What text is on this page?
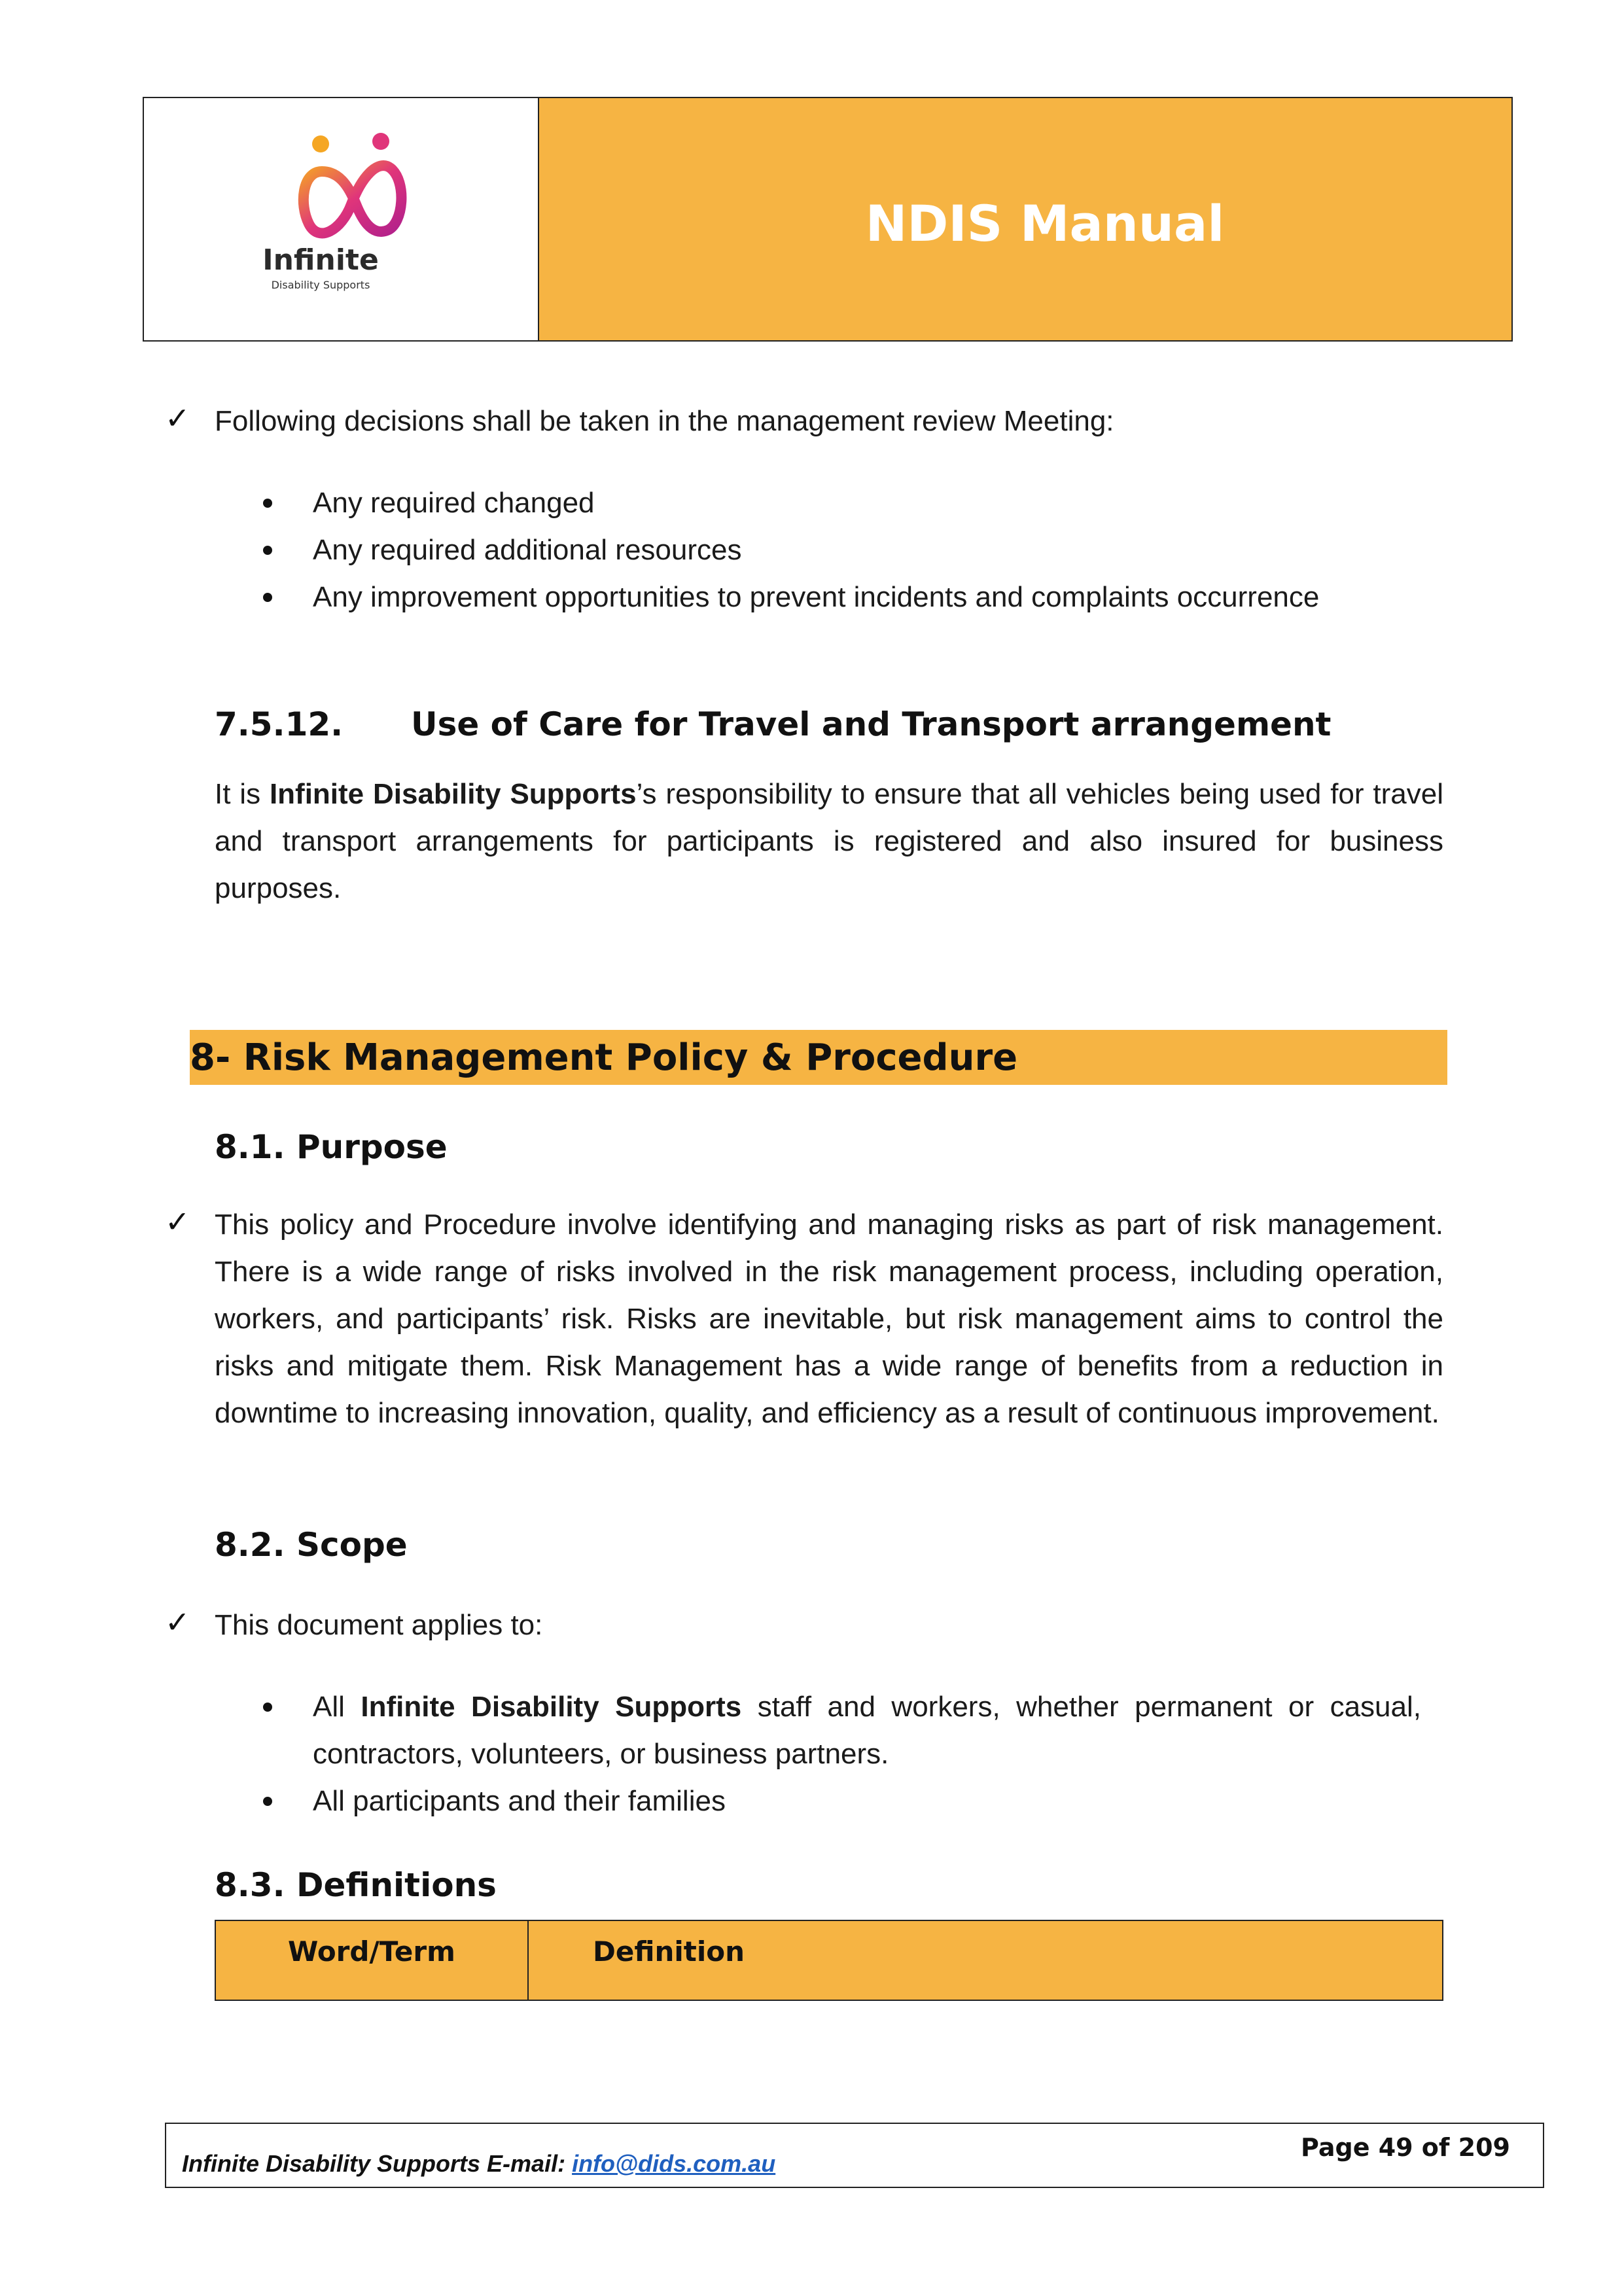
Infinite
Disability Supports
NDIS Manual
✓ Following decisions shall be taken in the management review Meeting:
Any required changed
Any required additional resources
Any improvement opportunities to prevent incidents and complaints occurrence
7.5.12. Use of Care for Travel and Transport arrangement
It is Infinite Disability Supports’s responsibility to ensure that all vehicles being used for travel and transport arrangements for participants is registered and also insured for business purposes.
8- Risk Management Policy & Procedure
8.1. Purpose
✓ This policy and Procedure involve identifying and managing risks as part of risk management. There is a wide range of risks involved in the risk management process, including operation, workers, and participants’ risk. Risks are inevitable, but risk management aims to control the risks and mitigate them. Risk Management has a wide range of benefits from a reduction in downtime to increasing innovation, quality, and efficiency as a result of continuous improvement.
8.2. Scope
✓ This document applies to:
All Infinite Disability Supports staff and workers, whether permanent or casual, contractors, volunteers, or business partners.
All participants and their families
8.3. Definitions
Word/Term	Definition
Infinite Disability Supports E-mail: info@dids.com.au
Page 49 of 209
